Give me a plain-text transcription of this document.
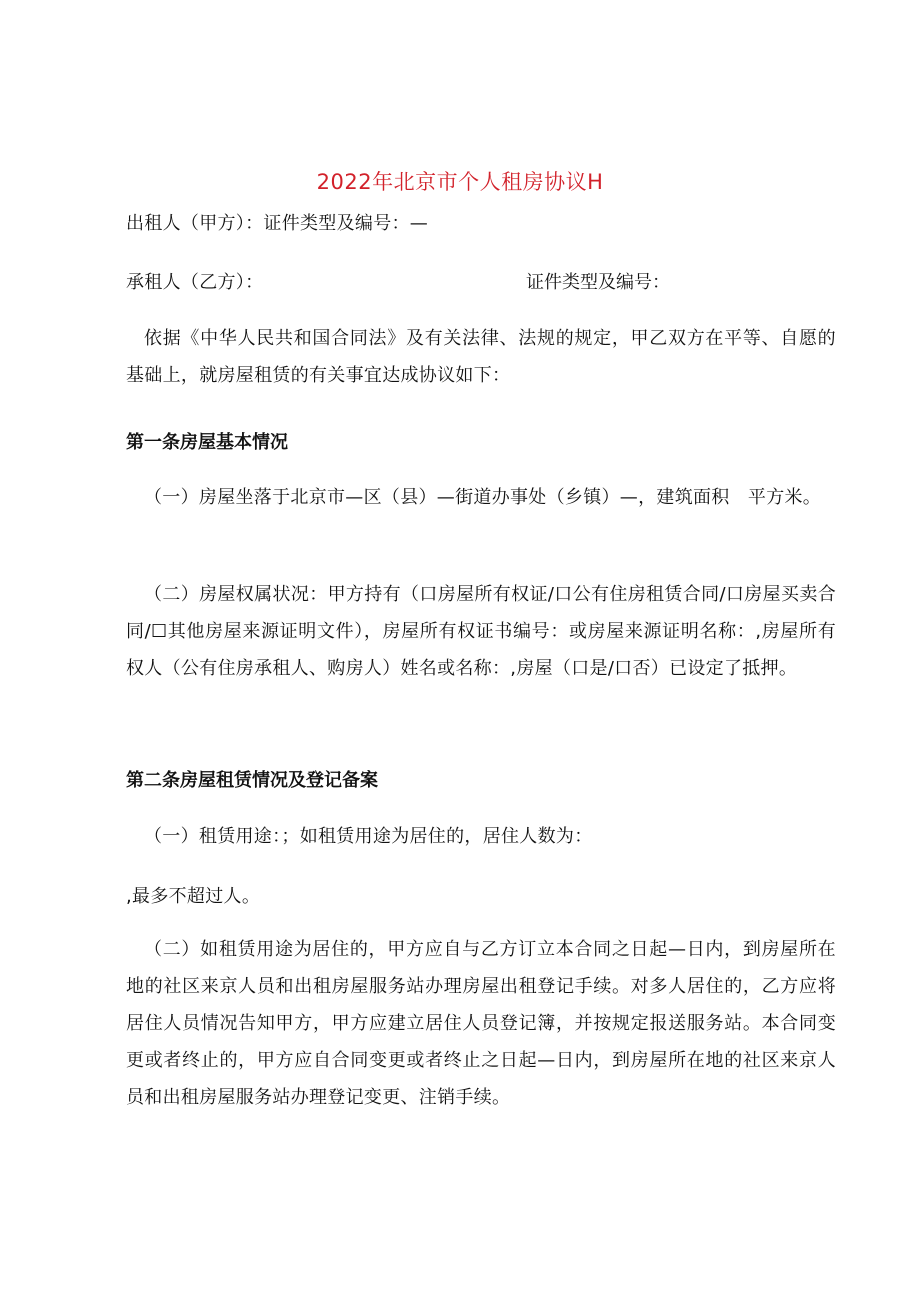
2022年北京市个人租房协议H
出租人（甲方）：证件类型及编号：—
承租人（乙方）：	证件类型及编号：
依据《中华人民共和国合同法》及有关法律、法规的规定，甲乙双方在平等、自愿的基础上，就房屋租赁的有关事宜达成协议如下：
第一条房屋基本情况
（一）房屋坐落于北京市—区（县）—街道办事处（乡镇）—，建筑面积　平方米。
（二）房屋权属状况：甲方持有（口房屋所有权证/口公有住房租赁合同/口房屋买卖合同/☐其他房屋来源证明文件），房屋所有权证书编号：或房屋来源证明名称：,房屋所有权人（公有住房承租人、购房人）姓名或名称：,房屋（口是/口否）已设定了抵押。
第二条房屋租赁情况及登记备案
（一）租赁用途：；如租赁用途为居住的，居住人数为：
,最多不超过人。
（二）如租赁用途为居住的，甲方应自与乙方订立本合同之日起—日内，到房屋所在地的社区来京人员和出租房屋服务站办理房屋出租登记手续。对多人居住的，乙方应将居住人员情况告知甲方，甲方应建立居住人员登记簿，并按规定报送服务站。本合同变更或者终止的，甲方应自合同变更或者终止之日起—日内，到房屋所在地的社区来京人员和出租房屋服务站办理登记变更、注销手续。
